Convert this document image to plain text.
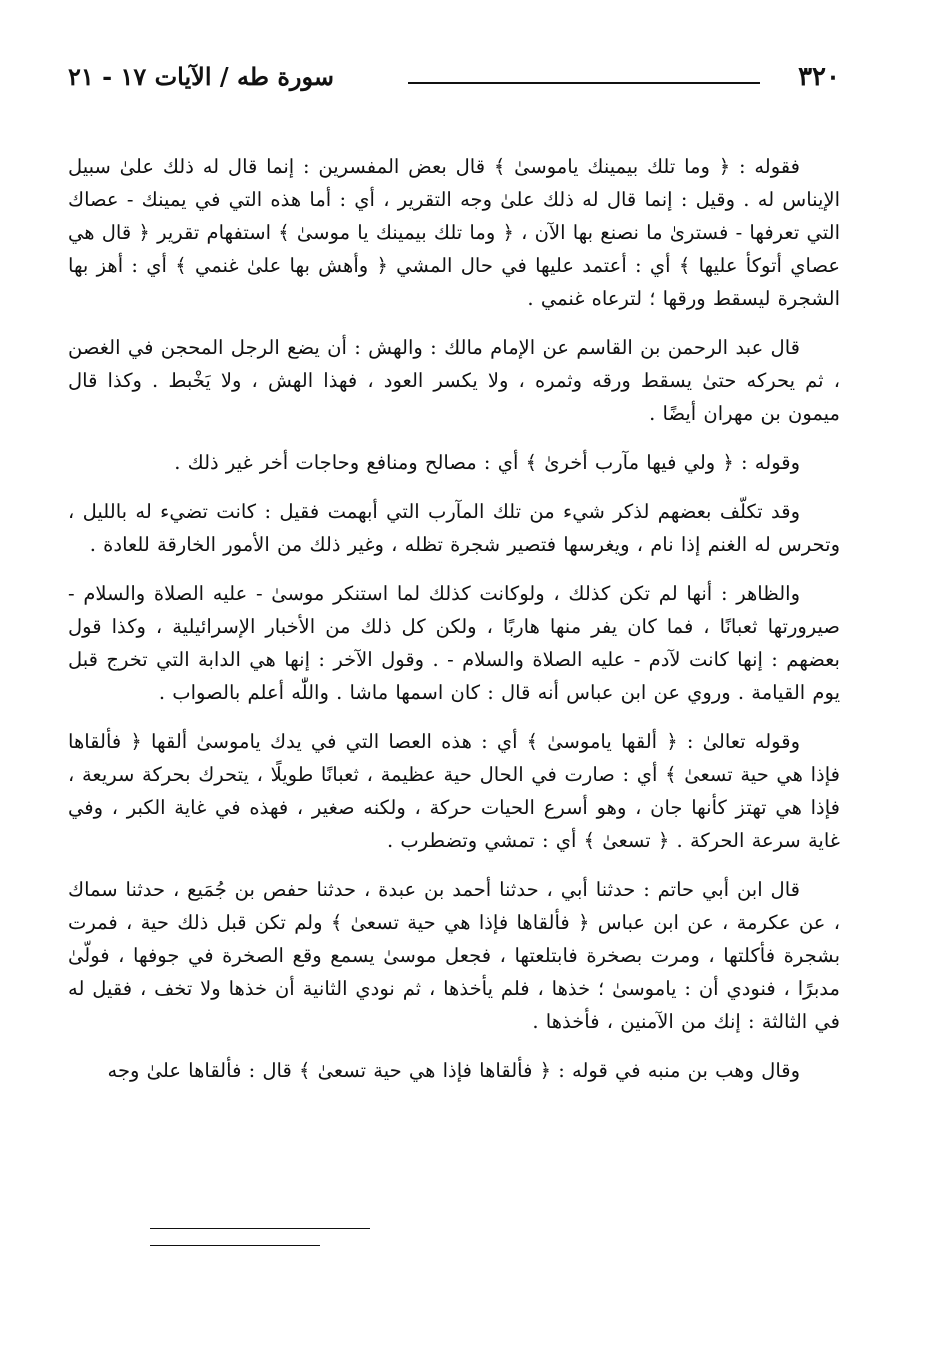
٣٢٠
سورة طه / الآيات ١٧ - ٢١

فقوله : ﴿ وما تلك بيمينك ياموسىٰ ﴾ قال بعض المفسرين : إنما قال له ذلك علىٰ سبيل الإيناس له . وقيل : إنما قال له ذلك علىٰ وجه التقرير ، أي : أما هذه التي في يمينك - عصاك التي تعرفها - فسترىٰ ما نصنع بها الآن ، ﴿ وما تلك بيمينك يا موسىٰ ﴾ استفهام تقرير ﴿ قال هي عصاي أتوكأ عليها ﴾ أي : أعتمد عليها في حال المشي ﴿ وأهش بها علىٰ غنمي ﴾ أي : أهز بها الشجرة ليسقط ورقها ؛ لترعاه غنمي .

قال عبد الرحمن بن القاسم عن الإمام مالك : والهش : أن يضع الرجل المحجن في الغصن ، ثم يحركه حتىٰ يسقط ورقه وثمره ، ولا يكسر العود ، فهذا الهش ، ولا يَخْبط . وكذا قال ميمون بن مهران أيضًا .

وقوله : ﴿ ولي فيها مآرب أخرىٰ ﴾ أي : مصالح ومنافع وحاجات أخر غير ذلك .

وقد تكلّف بعضهم لذكر شيء من تلك المآرب التي أبهمت فقيل : كانت تضيء له بالليل ، وتحرس له الغنم إذا نام ، ويغرسها فتصير شجرة تظله ، وغير ذلك من الأمور الخارقة للعادة .

والظاهر : أنها لم تكن كذلك ، ولوكانت كذلك لما استنكر موسىٰ - عليه الصلاة والسلام - صيرورتها ثعبانًا ، فما كان يفر منها هاربًا ، ولكن كل ذلك من الأخبار الإسرائيلية ، وكذا قول بعضهم : إنها كانت لآدم - عليه الصلاة والسلام - . وقول الآخر : إنها هي الدابة التي تخرج قبل يوم القيامة . وروي عن ابن عباس أنه قال : كان اسمها ماشا . واللّٰه أعلم بالصواب .

وقوله تعالىٰ : ﴿ ألقها ياموسىٰ ﴾ أي : هذه العصا التي في يدك ياموسىٰ ألقها ﴿ فألقاها فإذا هي حية تسعىٰ ﴾ أي : صارت في الحال حية عظيمة ، ثعبانًا طويلًا ، يتحرك بحركة سريعة ، فإذا هي تهتز كأنها جان ، وهو أسرع الحيات حركة ، ولكنه صغير ، فهذه في غاية الكبر ، وفي غاية سرعة الحركة . ﴿ تسعىٰ ﴾ أي : تمشي وتضطرب .

قال ابن أبي حاتم : حدثنا أبي ، حدثنا أحمد بن عبدة ، حدثنا حفص بن جُمَيع ، حدثنا سماك ، عن عكرمة ، عن ابن عباس ﴿ فألقاها فإذا هي حية تسعىٰ ﴾ ولم تكن قبل ذلك حية ، فمرت بشجرة فأكلتها ، ومرت بصخرة فابتلعتها ، فجعل موسىٰ يسمع وقع الصخرة في جوفها ، فولّىٰ مدبرًا ، فنودي أن : ياموسىٰ ؛ خذها ، فلم يأخذها ، ثم نودي الثانية أن خذها ولا تخف ، فقيل له في الثالثة : إنك من الآمنين ، فأخذها .

وقال وهب بن منبه في قوله : ﴿ فألقاها فإذا هي حية تسعىٰ ﴾ قال : فألقاها علىٰ وجه
